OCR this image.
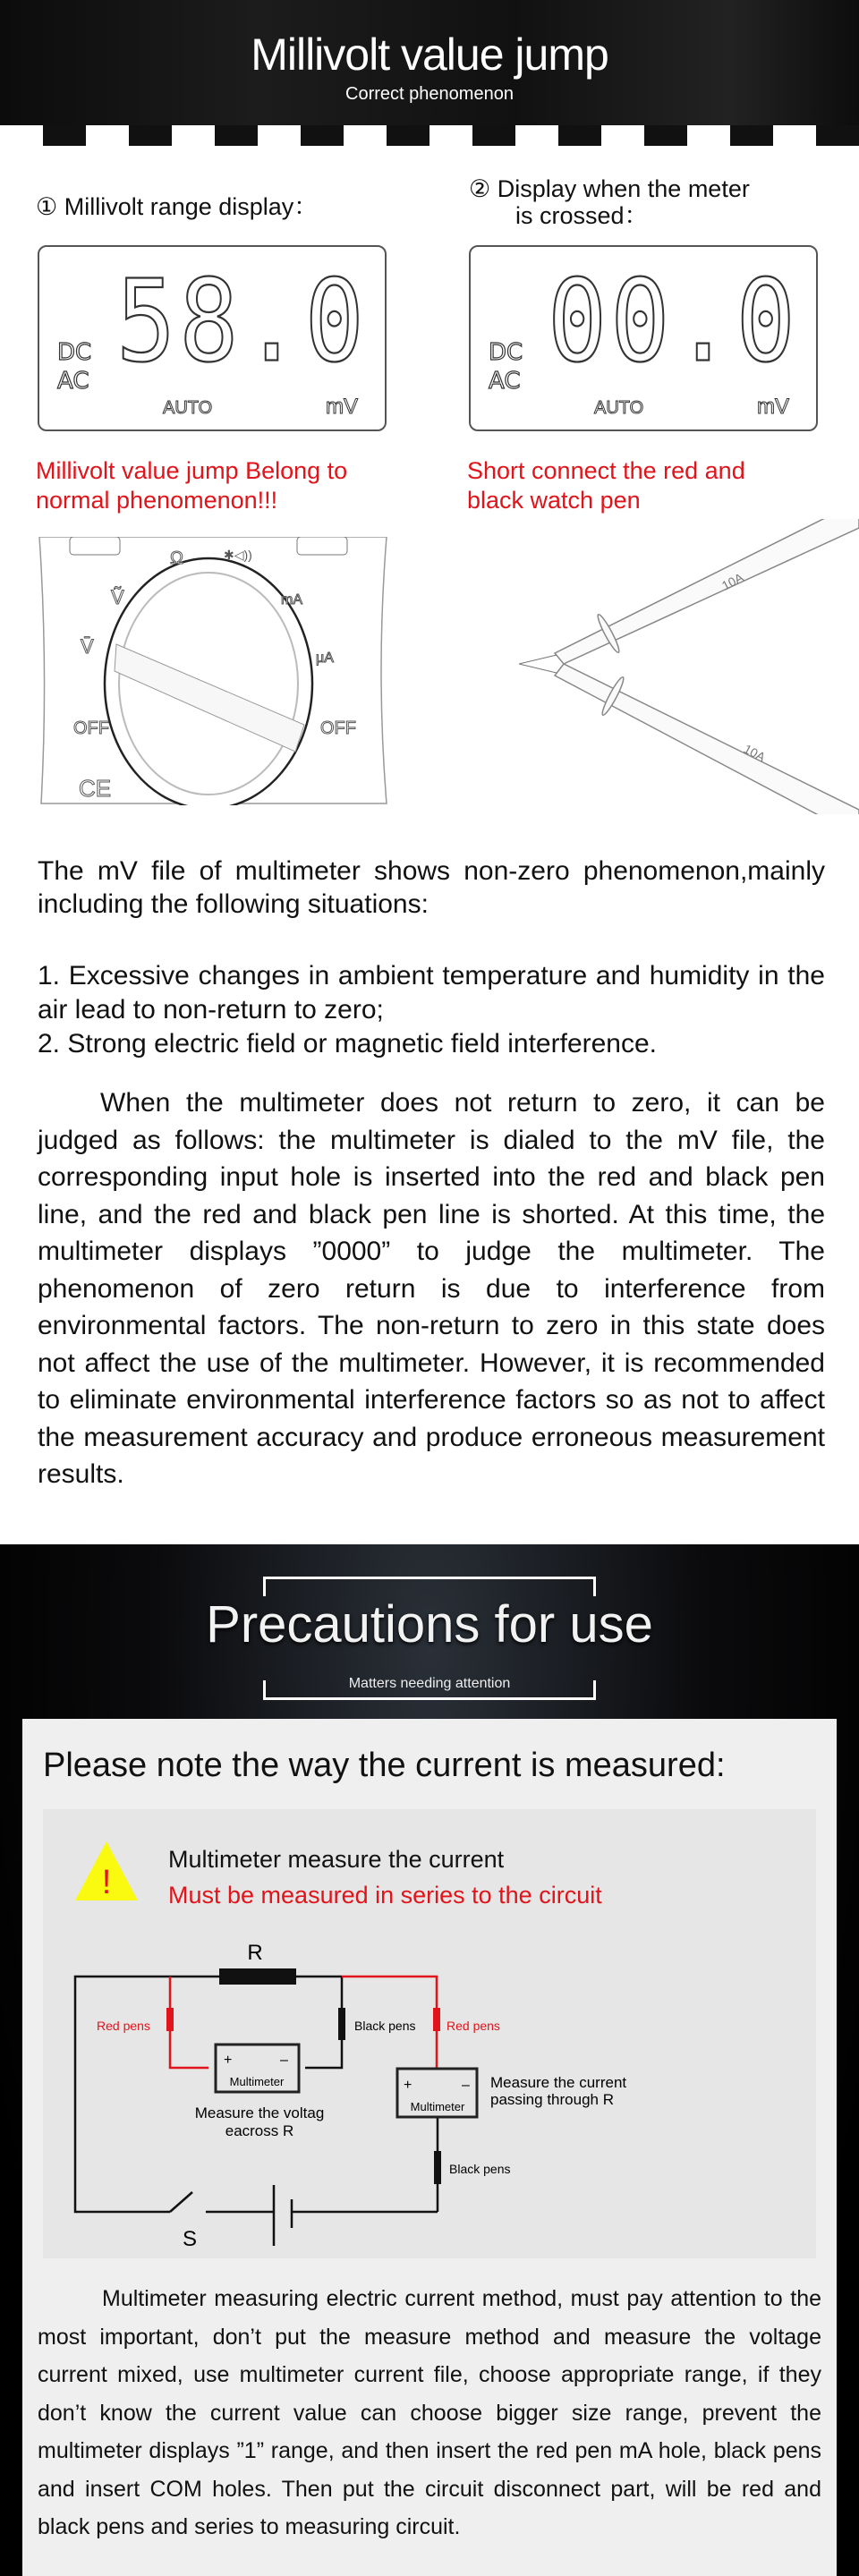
Millivolt value jump
Correct phenomenon
① Millivolt range display：
② Display when the meter
is crossed：
DC
AC 58.0
AUTO	mV
DC
AC 00.0
AUTO	mV
Millivolt value jump Belong to normal phenomenon!!!
Short connect the red and black watch pen
Ω	✱◁))
Ṽ	mA
V̄
μA
OFF	OFF
CE
10A
10A
The mV file of multimeter shows non-zero phenomenon,mainly including the following situations:
1. Excessive changes in ambient temperature and humidity in the air lead to non-return to zero;
2. Strong electric field or magnetic field interference.
When the multimeter does not return to zero, it can be judged as follows: the multimeter is dialed to the mV file, the corresponding input hole is inserted into the red and black pen line, and the red and black pen line is shorted. At this time, the multimeter displays ”0000” to judge the multimeter. The phenomenon of zero return is due to interference from environmental factors. The non-return to zero in this state does not affect the use of the multimeter. However, it is recommended to eliminate environmental interference factors so as not to affect the measurement accuracy and produce erroneous measurement results.
Precautions for use
Matters needing attention
Please note the way the current is measured:
!
Multimeter measure the current
Must be measured in series to the circuit
R
S
Red pens	Black pens Red pens
Black pens
+	–
Multimeter	+	–
Multimeter
Measure the voltag
eacross R
Measure the current
passing through R
Multimeter measuring electric current method, must pay attention to the most important, don’t put the measure method and measure the voltage current mixed, use multimeter current file, choose appropriate range, if they don’t know the current value can choose bigger size range, prevent the multimeter displays ”1” range, and then insert the red pen mA hole, black pens and insert COM holes. Then put the circuit disconnect part, will be red and black pens and series to measuring circuit.
